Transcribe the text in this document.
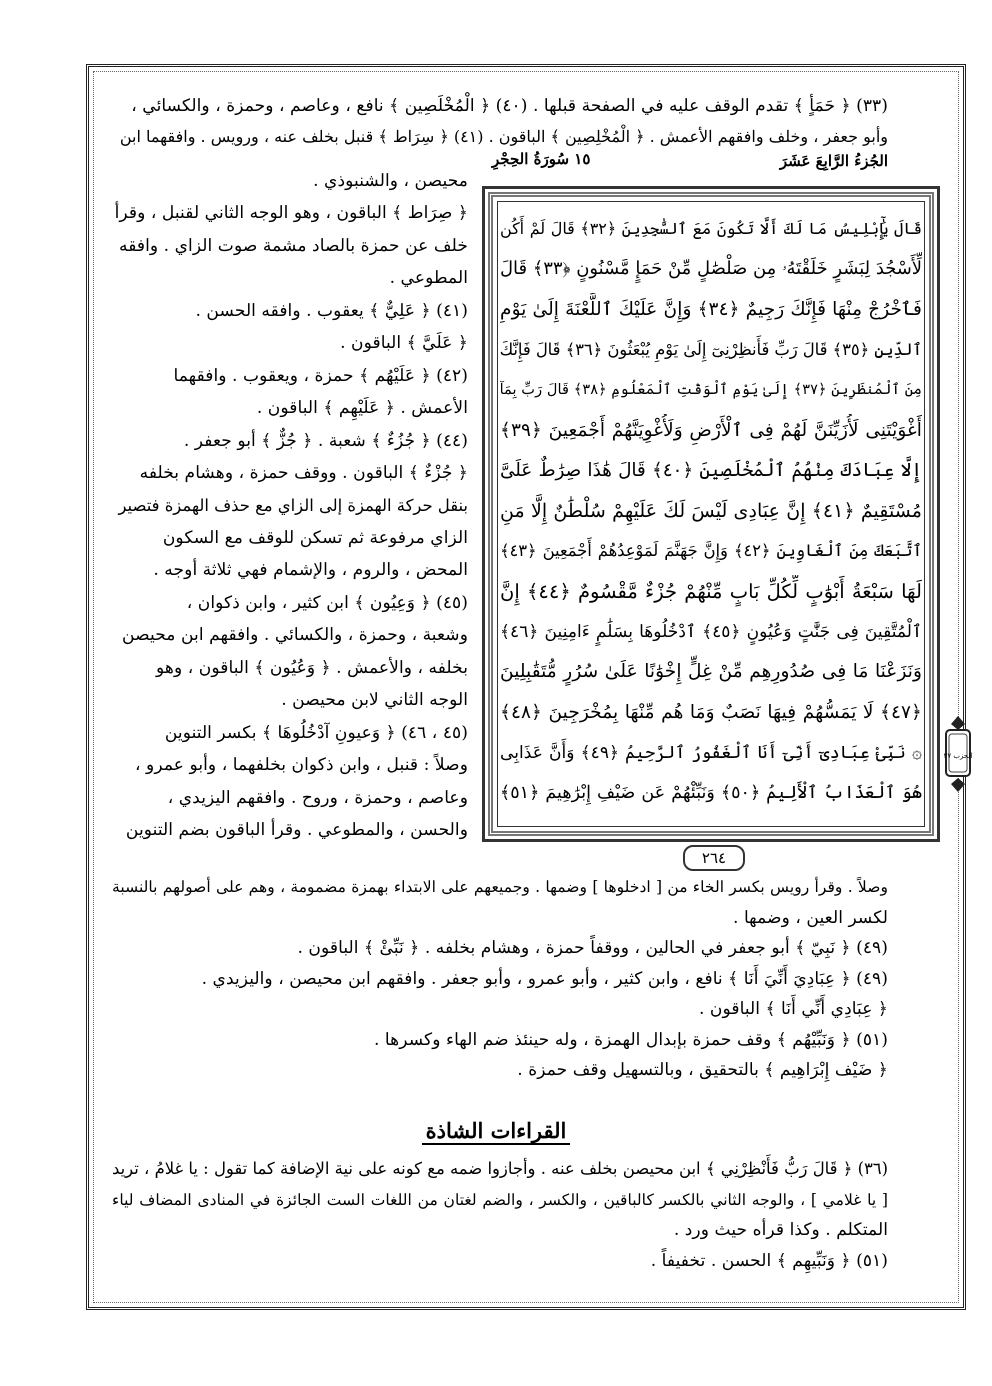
(٣٣) ﴿ حَمَأٍ ﴾ تقدم الوقف عليه في الصفحة قبلها . (٤٠) ﴿ الْمُخْلَصِين ﴾ نافع ، وعاصم ، وحمزة ، والكسائي ،
وأبو جعفر ، وخلف وافقهم الأعمش . ﴿ الْمُخْلِصِين ﴾ الباقون . (٤١) ﴿ سِرَاط ﴾ قنبل بخلف عنه ، ورويس . وافقهما ابن
الجُزءُ الرَّابِعَ عَشَرَ
١٥ سُورَةُ الحِجْرِ
محيصن ، والشنبوذي .
﴿ صِرَاط ﴾ الباقون ، وهو الوجه الثاني لقنبل ، وقرأ
خلف عن حمزة بالصاد مشمة صوت الزاي . وافقه
المطوعي .
(٤١) ﴿ عَلِيٌّ ﴾ يعقوب . وافقه الحسن .
﴿ عَلَيَّ ﴾ الباقون .
(٤٢) ﴿ عَلَيْهُم ﴾ حمزة ، ويعقوب . وافقهما
الأعمش . ﴿ عَلَيْهِم ﴾ الباقون .
(٤٤) ﴿ جُزُءٌ ﴾ شعبة . ﴿ جُزٌّ ﴾ أبو جعفر .
﴿ جُزْءٌ ﴾ الباقون . ووقف حمزة ، وهشام بخلفه
بنقل حركة الهمزة إلى الزاي مع حذف الهمزة فتصير
الزاي مرفوعة ثم تسكن للوقف مع السكون
المحض ، والروم ، والإشمام فهي ثلاثة أوجه .
(٤٥) ﴿ وَعِيُون ﴾ ابن كثير ، وابن ذكوان ،
وشعبة ، وحمزة ، والكسائي . وافقهم ابن محيصن
بخلفه ، والأعمش . ﴿ وَعُيُون ﴾ الباقون ، وهو
الوجه الثاني لابن محيصن .
(٤٥ ، ٤٦) ﴿ وَعيونِ آدْخُلُوهَا ﴾ بكسر التنوين
وصلاً : قنبل ، وابن ذكوان بخلفهما ، وأبو عمرو ،
وعاصم ، وحمزة ، وروح . وافقهم اليزيدي ،
والحسن ، والمطوعي . وقرأ الباقون بضم التنوين
قَالَ يَٰٓإِبْلِيسُ مَا لَكَ أَلَّا تَكُونَ مَعَ ٱلسَّٰجِدِينَ ﴿٣٢﴾ قَالَ لَمْ أَكُن
لِّأَسْجُدَ لِبَشَرٍ خَلَقْتَهُۥ مِن صَلْصَٰلٍ مِّنْ حَمَإٍ مَّسْنُونٍ ﴿٣٣﴾ قَالَ
فَٱخْرُجْ مِنْهَا فَإِنَّكَ رَجِيمٌ ﴿٣٤﴾ وَإِنَّ عَلَيْكَ ٱللَّعْنَةَ إِلَىٰ يَوْمِ
ٱلدِّينِ ﴿٣٥﴾ قَالَ رَبِّ فَأَنظِرْنِىٓ إِلَىٰ يَوْمِ يُبْعَثُونَ ﴿٣٦﴾ قَالَ فَإِنَّكَ
مِنَ ٱلْمُنظَرِينَ ﴿٣٧﴾ إِلَىٰ يَوْمِ ٱلْوَقْتِ ٱلْمَعْلُومِ ﴿٣٨﴾ قَالَ رَبِّ بِمَآ
أَغْوَيْتَنِى لَأُزَيِّنَنَّ لَهُمْ فِى ٱلْأَرْضِ وَلَأُغْوِيَنَّهُمْ أَجْمَعِينَ ﴿٣٩﴾
إِلَّا عِبَادَكَ مِنْهُمُ ٱلْمُخْلَصِينَ ﴿٤٠﴾ قَالَ هَٰذَا صِرَٰطٌ عَلَىَّ
مُسْتَقِيمٌ ﴿٤١﴾ إِنَّ عِبَادِى لَيْسَ لَكَ عَلَيْهِمْ سُلْطَٰنٌ إِلَّا مَنِ
ٱتَّبَعَكَ مِنَ ٱلْغَاوِينَ ﴿٤٢﴾ وَإِنَّ جَهَنَّمَ لَمَوْعِدُهُمْ أَجْمَعِينَ ﴿٤٣﴾
لَهَا سَبْعَةُ أَبْوَٰبٍ لِّكُلِّ بَابٍ مِّنْهُمْ جُزْءٌ مَّقْسُومٌ ﴿٤٤﴾ إِنَّ
ٱلْمُتَّقِينَ فِى جَنَّٰتٍ وَعُيُونٍ ﴿٤٥﴾ ٱدْخُلُوهَا بِسَلَٰمٍ ءَامِنِينَ ﴿٤٦﴾
وَنَزَعْنَا مَا فِى صُدُورِهِم مِّنْ غِلٍّ إِخْوَٰنًا عَلَىٰ سُرُرٍ مُّتَقَٰبِلِينَ
﴿٤٧﴾ لَا يَمَسُّهُمْ فِيهَا نَصَبٌ وَمَا هُم مِّنْهَا بِمُخْرَجِينَ ﴿٤٨﴾
۞ نَبِّئْ عِبَادِىٓ أَنِّىٓ أَنَا ٱلْغَفُورُ ٱلرَّحِيمُ ﴿٤٩﴾ وَأَنَّ عَذَابِى
هُوَ ٱلْعَذَابُ ٱلْأَلِيمُ ﴿٥٠﴾ وَنَبِّئْهُمْ عَن ضَيْفِ إِبْرَٰهِيمَ ﴿٥١﴾
٢٦٤
الحزب ٢٧
وصلاً . وقرأ رويس بكسر الخاء من [ ادخلوها ] وضمها . وجميعهم على الابتداء بهمزة مضمومة ، وهم على أصولهم بالنسبة
لكسر العين ، وضمها .
(٤٩) ﴿ نَبِيّ ﴾ أبو جعفر في الحالين ، ووقفاً حمزة ، وهشام بخلفه . ﴿ نَبِّئْ ﴾ الباقون .
(٤٩) ﴿ عِبَادِيَ أَنِّيَ أَنَا ﴾ نافع ، وابن كثير ، وأبو عمرو ، وأبو جعفر . وافقهم ابن محيصن ، واليزيدي .
﴿ عِبَادِي أَنِّي أَنَا ﴾ الباقون .
(٥١) ﴿ وَنَبِّيْهُم ﴾ وقف حمزة بإبدال الهمزة ، وله حينئذ ضم الهاء وكسرها .
﴿ ضَيْف إِبْرَاهِيم ﴾ بالتحقيق ، وبالتسهيل وقف حمزة .
القراءات الشاذة
(٣٦) ﴿ قَالَ رَبُّ فَأَنْظِرْنِي ﴾ ابن محيصن بخلف عنه . وأجازوا ضمه مع كونه على نية الإضافة كما تقول : يا غلامُ ، تريد
[ يا غلامي ] ، والوجه الثاني بالكسر كالباقين ، والكسر ، والضم لغتان من اللغات الست الجائزة في المنادى المضاف لياء
المتكلم . وكذا قرأه حيث ورد .
(٥١) ﴿ وَنَبِّيهِم ﴾ الحسن . تخفيفاً .
